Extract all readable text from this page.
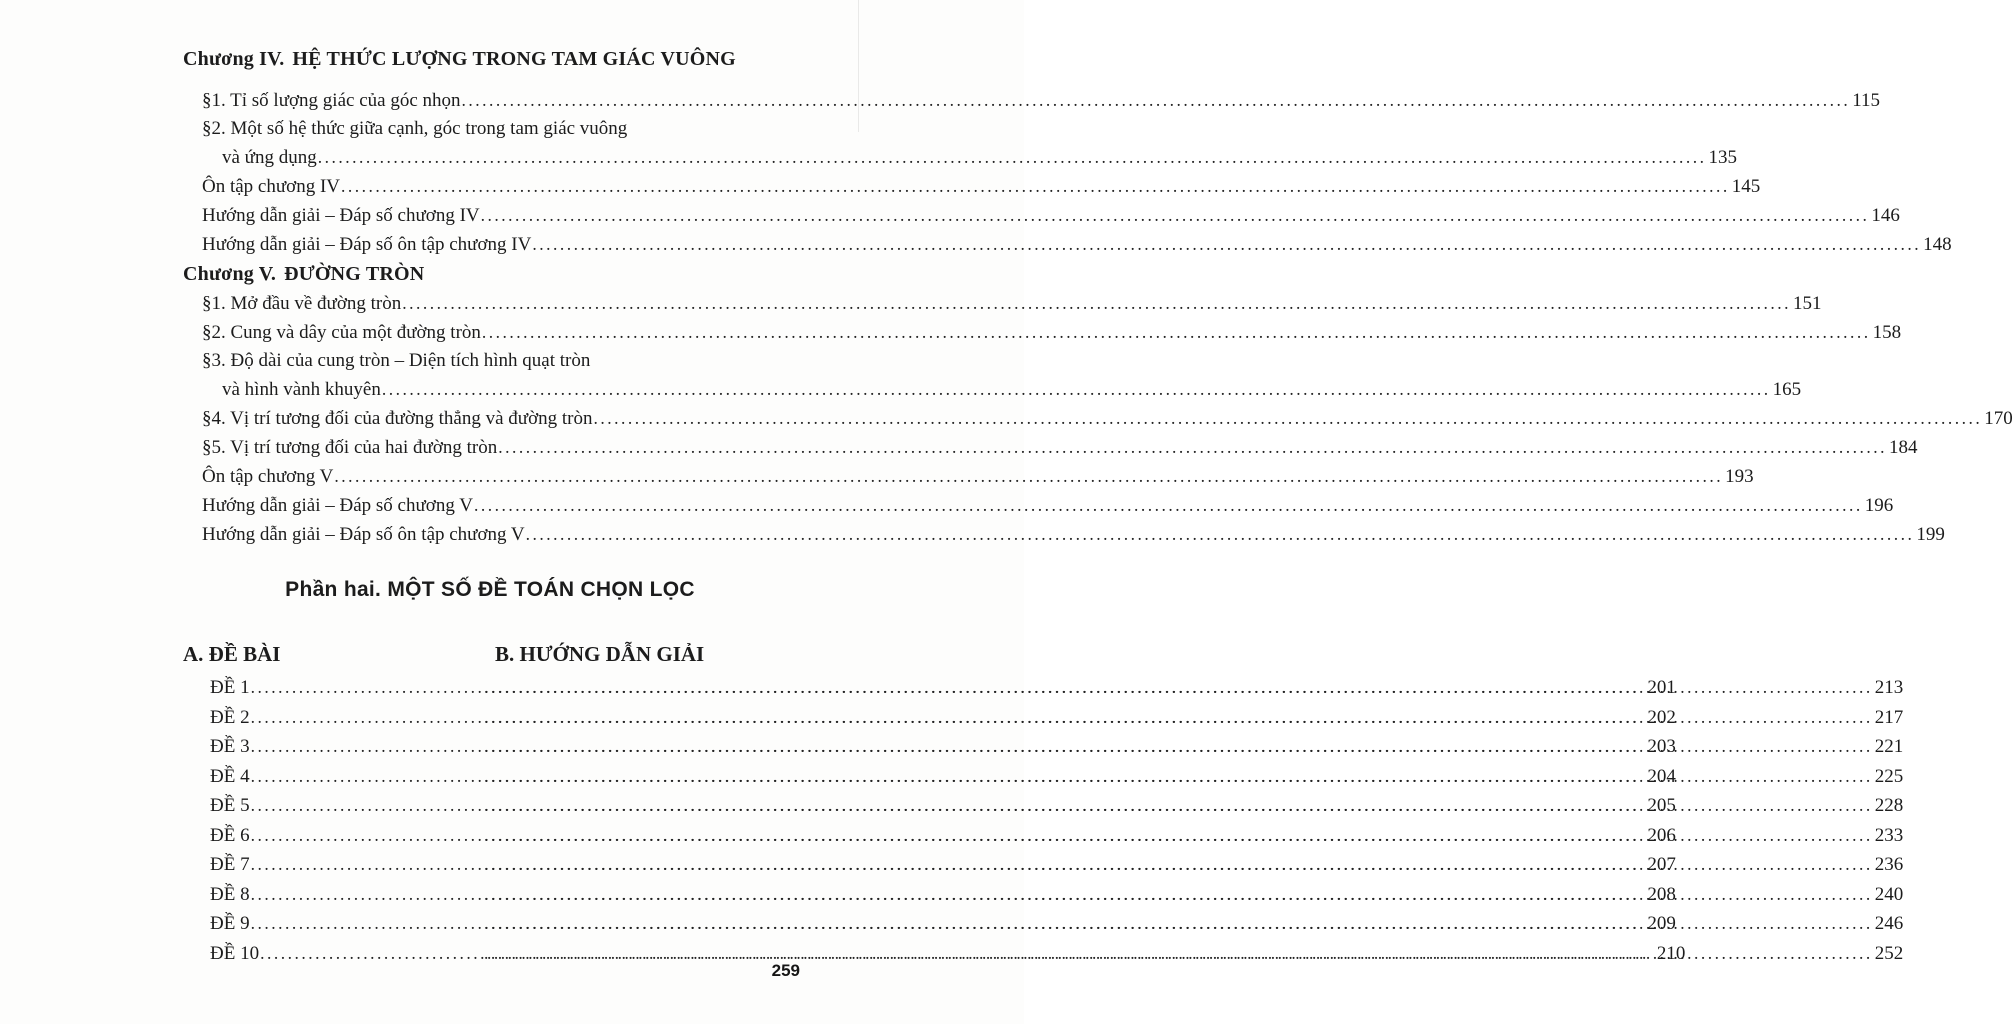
Chương IV. HỆ THỨC LƯỢNG TRONG TAM GIÁC VUÔNG
§1. Tỉ số lượng giác của góc nhọn .....	115
§2. Một số hệ thức giữa cạnh, góc trong tam giác vuông
và ứng dụng .....	135
Ôn tập chương IV .....	145
Hướng dẫn giải – Đáp số chương IV .....	146
Hướng dẫn giải – Đáp số ôn tập chương IV .....	148
Chương V. ĐƯỜNG TRÒN
§1. Mở đầu về đường tròn .....	151
§2. Cung và dây của một đường tròn .....	158
§3. Độ dài của cung tròn – Diện tích hình quạt tròn
và hình vành khuyên .....	165
§4. Vị trí tương đối của đường thẳng và đường tròn .....	170
§5. Vị trí tương đối của hai đường tròn .....	184
Ôn tập chương V .....	193
Hướng dẫn giải – Đáp số chương V .....	196
Hướng dẫn giải – Đáp số ôn tập chương V .....	199
Phần hai. MỘT SỐ ĐỀ TOÁN CHỌN LỌC
A. ĐỀ BÀI	B. HƯỚNG DẪN GIẢI
ĐỀ 1 .....	201 .....	213
ĐỀ 2 .....	202 .....	217
ĐỀ 3 .....	203 .....	221
ĐỀ 4 .....	204 .....	225
ĐỀ 5 .....	205 .....	228
ĐỀ 6 .....	206 .....	233
ĐỀ 7 .....	207 .....	236
ĐỀ 8 .....	208 .....	240
ĐỀ 9 .....	209 .....	246
ĐỀ 10 .....	210 .....	252
259
